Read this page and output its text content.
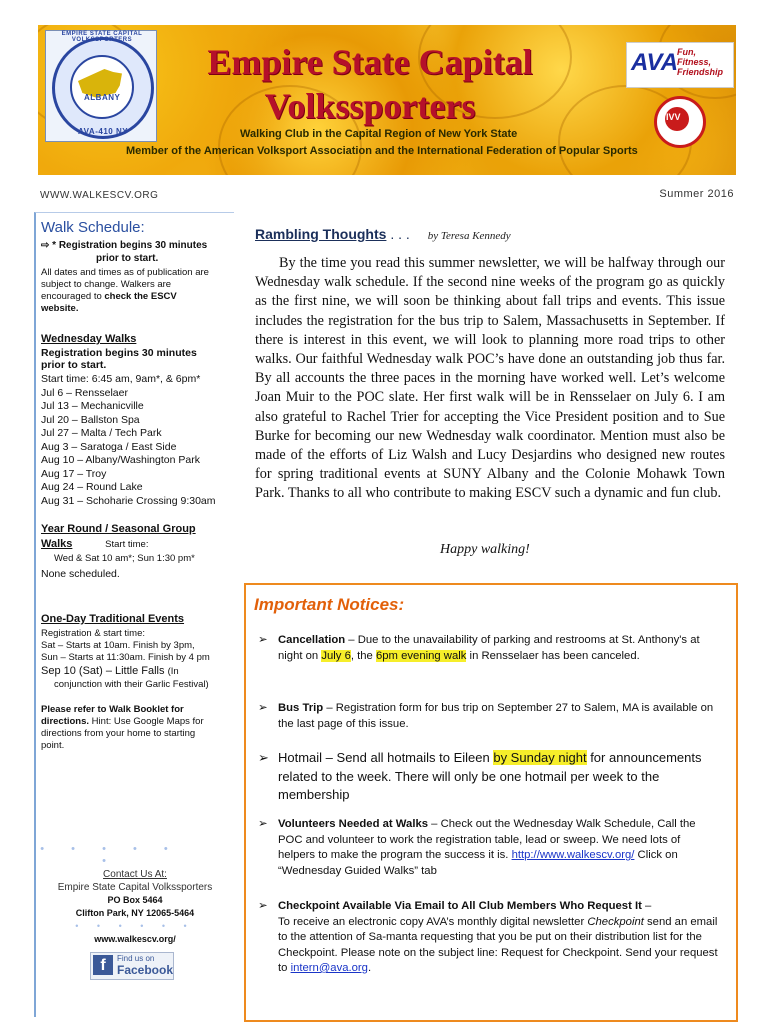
EMPIRE STATE CAPITAL VOLKSSPORTERS
ALBANY
AVA-410 NY
Empire State Capital
Volkssporters
Walking Club in the Capital Region of New York State
Member of the American Volksport Association and the International Federation of Popular Sports
AVA
Fun,
Fitness,
Friendship
IVV
WWW.WALKESCV.ORG	Summer 2016
Walk Schedule:
⇨ * Registration begins 30 minutes
prior to start.
All dates and times as of publication are
subject to change. Walkers are
encouraged to check the ESCV
website.
Wednesday Walks
Registration begins 30 minutes
prior to start.
Start time: 6:45 am, 9am*, & 6pm*
Jul 6 – Rensselaer
Jul 13 – Mechanicville
Jul 20 – Ballston Spa
Jul 27 – Malta / Tech Park
Aug 3 – Saratoga / East Side
Aug 10 – Albany/Washington Park
Aug 17 – Troy
Aug 24 – Round Lake
Aug 31 – Schoharie Crossing 9:30am
Year Round / Seasonal Group
Walks	Start time:
Wed & Sat 10 am*; Sun 1:30 pm*
None scheduled.
One-Day Traditional Events
Registration & start time:
Sat – Starts at 10am. Finish by 3pm,
Sun – Starts at 11:30am. Finish by 4 pm
Sep 10 (Sat) – Little Falls (In
conjunction with their Garlic Festival)
Please refer to Walk Booklet for
directions. Hint: Use Google Maps for
directions from your home to starting
point.
• • • • • •
Contact Us At:
Empire State Capital Volkssporters
PO Box 5464
Clifton Park, NY 12065-5464
• • • • • •
www.walkescv.org/
f	Find us on
Facebook
Rambling Thoughts . . . by Teresa Kennedy
By the time you read this summer newsletter, we will be halfway through our Wednesday walk schedule. If the second nine weeks of the program go as quickly as the first nine, we will soon be thinking about fall trips and events. This issue includes the registration for the bus trip to Salem, Massachusetts in September. If there is interest in this event, we will look to planning more road trips to other walks. Our faithful Wednesday walk POC’s have done an outstanding job thus far. By all accounts the three paces in the morning have worked well. Let’s welcome Joan Muir to the POC slate. Her first walk will be in Rensselaer on July 6. I am also grateful to Rachel Trier for accepting the Vice President position and to Sue Burke for becoming our new Wednesday walk coordinator. Mention must also be made of the efforts of Liz Walsh and Lucy Desjardins who designed new routes for spring traditional events at SUNY Albany and the Colonie Mohawk Town Park. Thanks to all who contribute to making ESCV such a dynamic and fun club.
Happy walking!
Important Notices:
➢ Cancellation – Due to the unavailability of parking and restrooms at St. Anthony's at night on July 6, the 6pm evening walk in Rensselaer has been canceled.
➢ Bus Trip – Registration form for bus trip on September 27 to Salem, MA is available on the last page of this issue.
➢ Hotmail – Send all hotmails to Eileen by Sunday night for announcements related to the week. There will only be one hotmail per week to the membership
➢ Volunteers Needed at Walks – Check out the Wednesday Walk Schedule, Call the POC and volunteer to work the registration table, lead or sweep. We need lots of helpers to make the program the success it is. http://www.walkescv.org/ Click on “Wednesday Guided Walks” tab
➢ Checkpoint Available Via Email to All Club Members Who Request It –
To receive an electronic copy AVA’s monthly digital newsletter Checkpoint send an email to the attention of Sa-manta requesting that you be put on their distribution list for the Checkpoint. Please note on the subject line: Request for Checkpoint. Send your request to intern@ava.org.
